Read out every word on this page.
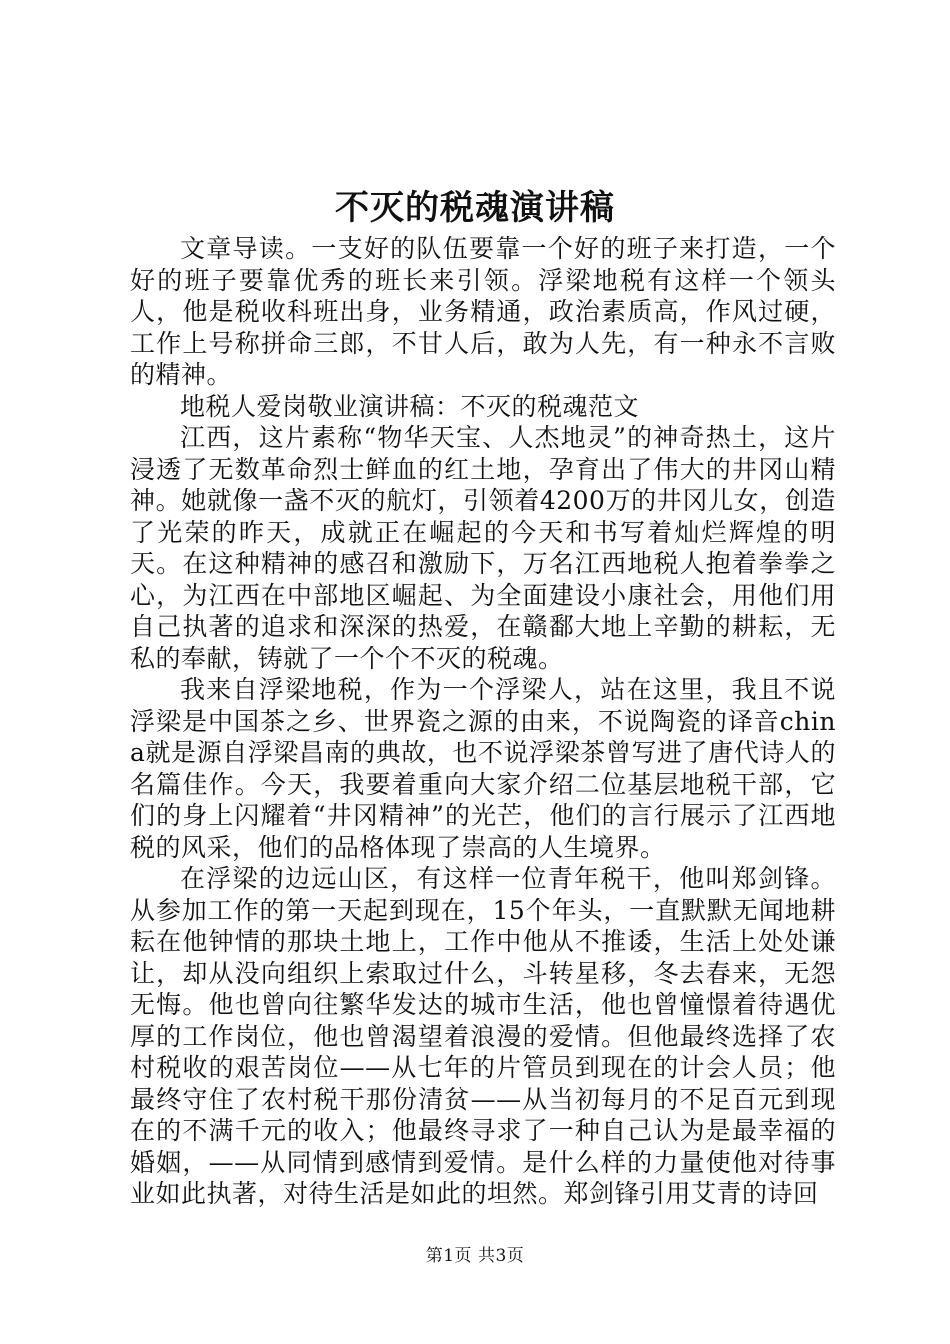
不灭的税魂演讲稿

文章导读。一支好的队伍要靠一个好的班子来打造，一个好的班子要靠优秀的班长来引领。浮梁地税有这样一个领头人，他是税收科班出身，业务精通，政治素质高，作风过硬，工作上号称拼命三郎，不甘人后，敢为人先，有一种永不言败的精神。

地税人爱岗敬业演讲稿：不灭的税魂范文

江西，这片素称“物华天宝、人杰地灵”的神奇热土，这片浸透了无数革命烈士鲜血的红土地，孕育出了伟大的井冈山精神。她就像一盏不灭的航灯，引领着4200万的井冈儿女，创造了光荣的昨天，成就正在崛起的今天和书写着灿烂辉煌的明天。在这种精神的感召和激励下，万名江西地税人抱着拳拳之心，为江西在中部地区崛起、为全面建设小康社会，用他们用自己执著的追求和深深的热爱，在赣鄱大地上辛勤的耕耘，无私的奉献，铸就了一个个不灭的税魂。

我来自浮梁地税，作为一个浮梁人，站在这里，我且不说浮梁是中国茶之乡、世界瓷之源的由来，不说陶瓷的译音china就是源自浮梁昌南的典故，也不说浮梁茶曾写进了唐代诗人的名篇佳作。今天，我要着重向大家介绍二位基层地税干部，它们的身上闪耀着“井冈精神”的光芒，他们的言行展示了江西地税的风采，他们的品格体现了崇高的人生境界。

在浮梁的边远山区，有这样一位青年税干，他叫郑剑锋。从参加工作的第一天起到现在，15个年头，一直默默无闻地耕耘在他钟情的那块土地上，工作中他从不推诿，生活上处处谦让，却从没向组织上索取过什么，斗转星移，冬去春来，无怨无悔。他也曾向往繁华发达的城市生活，他也曾憧憬着待遇优厚的工作岗位，他也曾渴望着浪漫的爱情。但他最终选择了农村税收的艰苦岗位——从七年的片管员到现在的计会人员；他最终守住了农村税干那份清贫——从当初每月的不足百元到现在的不满千元的收入；他最终寻求了一种自己认为是最幸福的婚姻，——从同情到感情到爱情。是什么样的力量使他对待事业如此执著，对待生活是如此的坦然。郑剑锋引用艾青的诗回

第1页 共3页
